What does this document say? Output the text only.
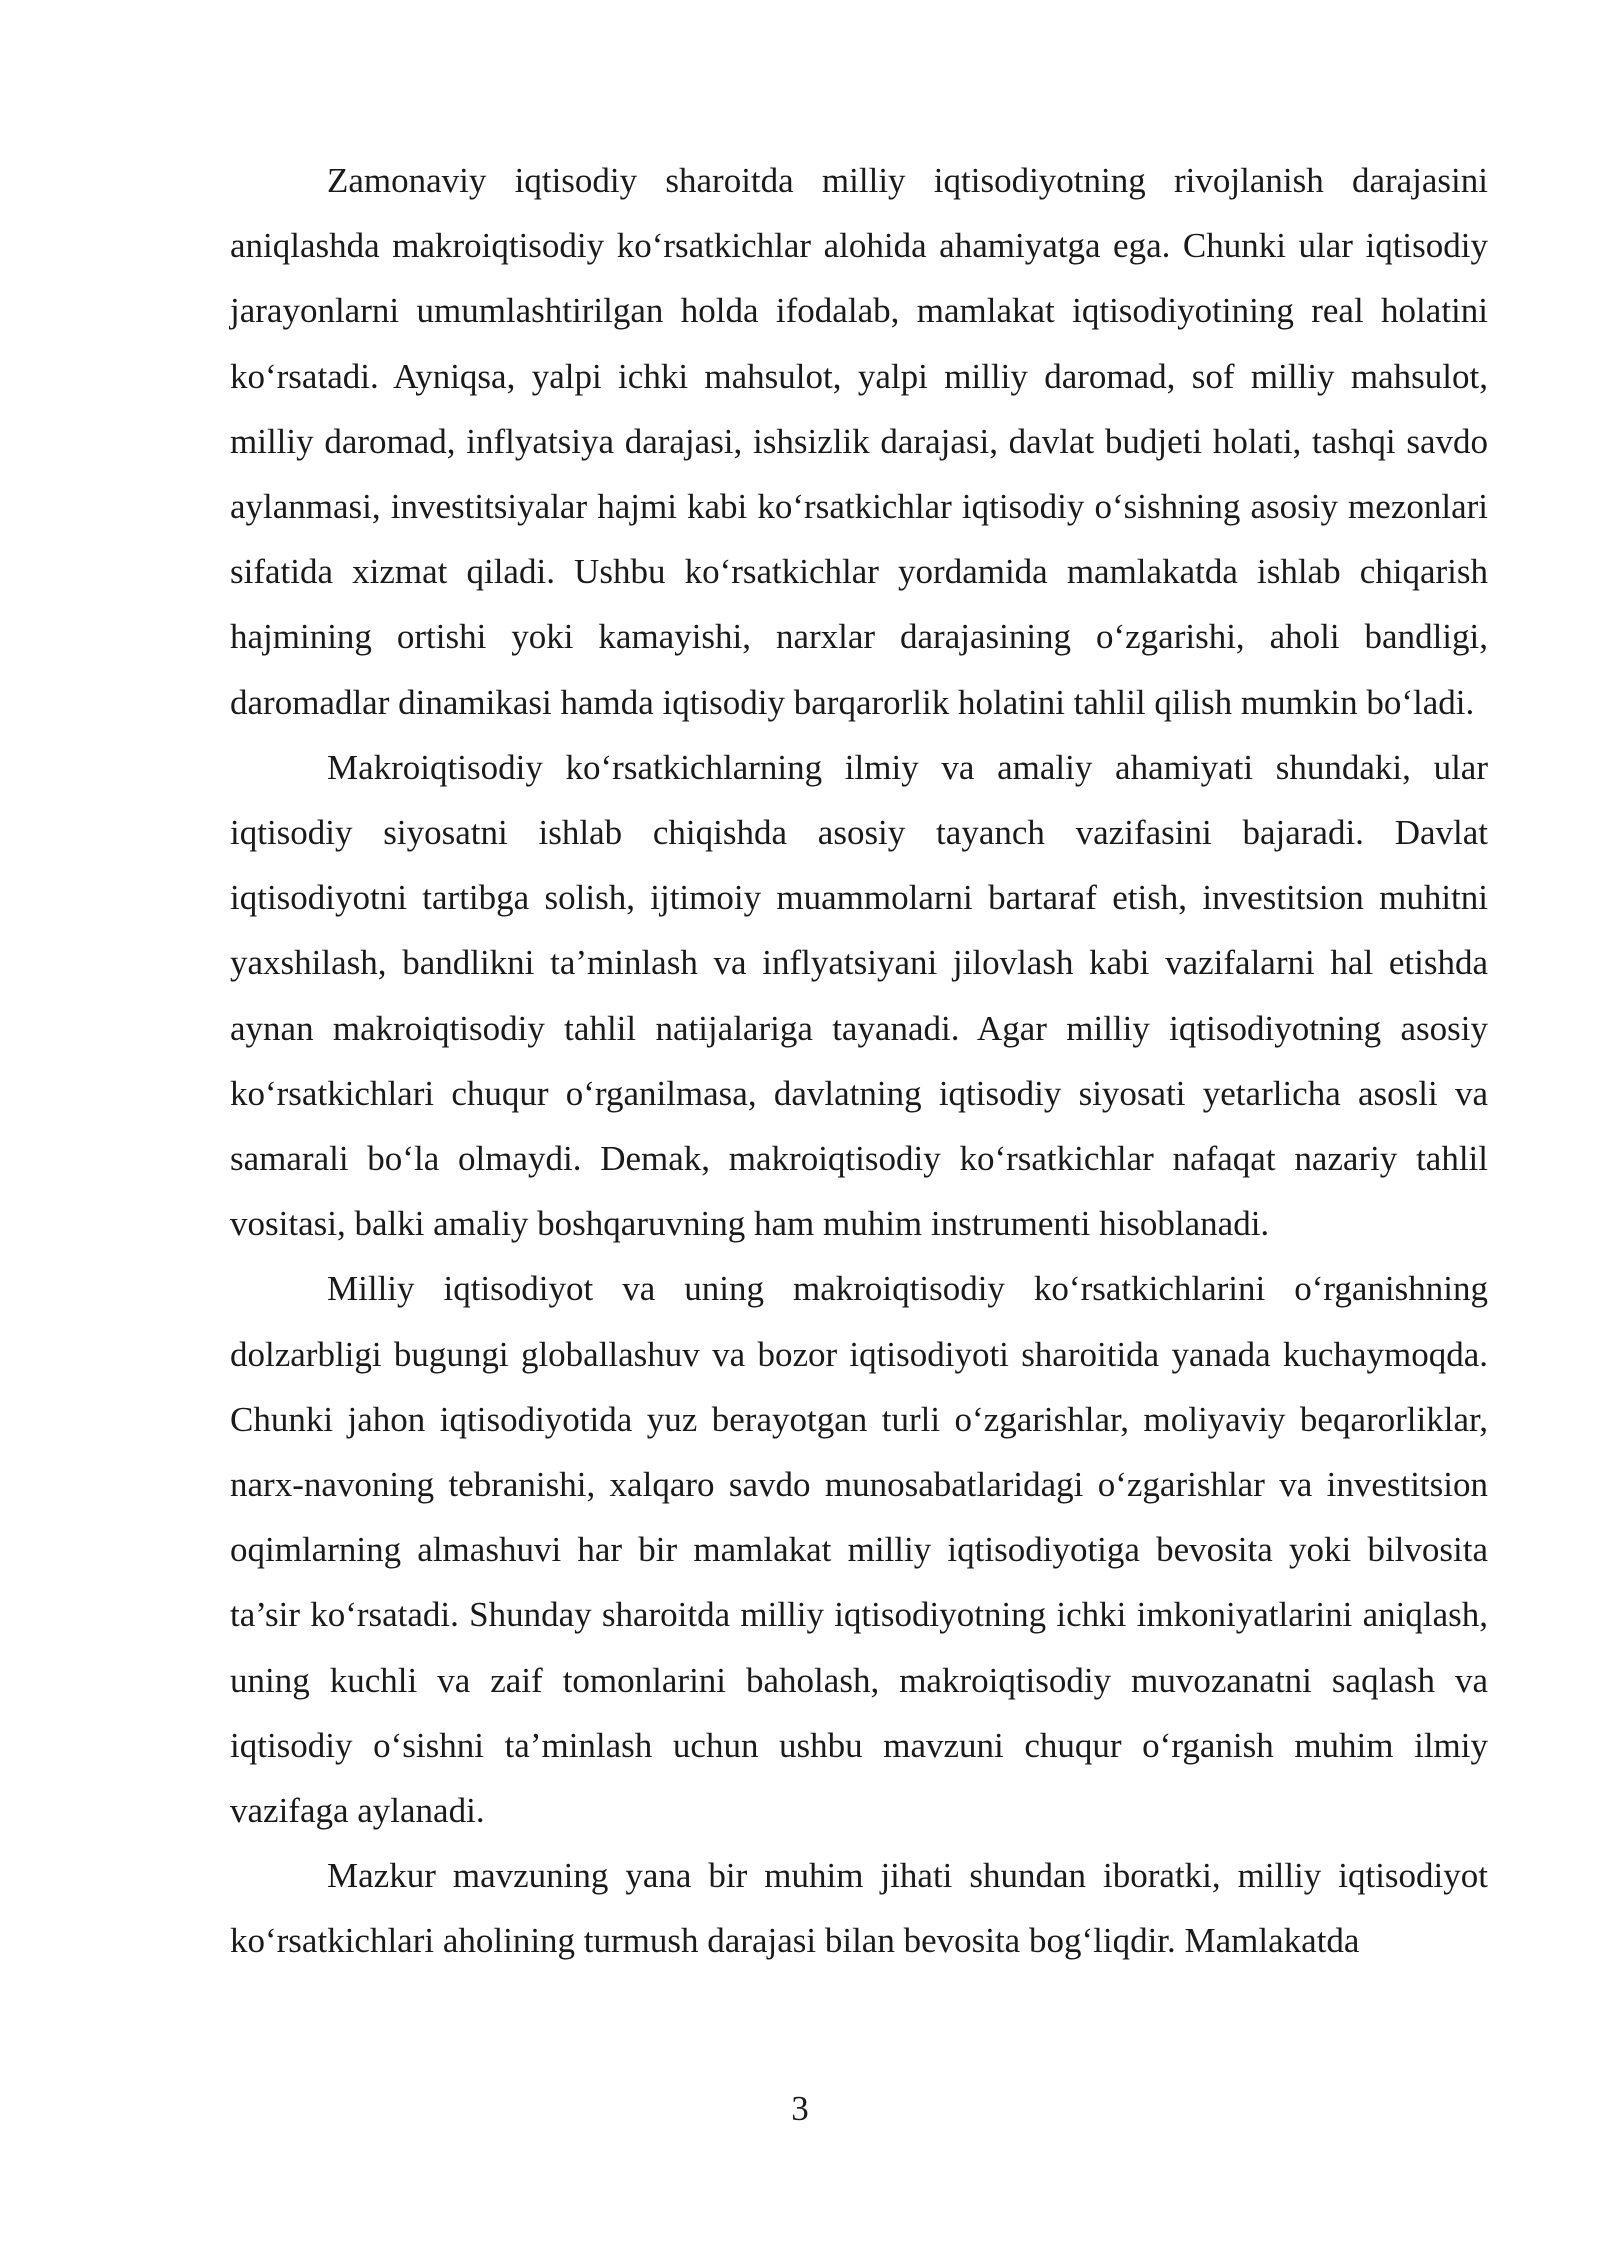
Zamonaviy iqtisodiy sharoitda milliy iqtisodiyotning rivojlanish darajasini aniqlashda makroiqtisodiy ko‘rsatkichlar alohida ahamiyatga ega. Chunki ular iqtisodiy jarayonlarni umumlashtirilgan holda ifodalab, mamlakat iqtisodiyotining real holatini ko‘rsatadi. Ayniqsa, yalpi ichki mahsulot, yalpi milliy daromad, sof milliy mahsulot, milliy daromad, inflyatsiya darajasi, ishsizlik darajasi, davlat budjeti holati, tashqi savdo aylanmasi, investitsiyalar hajmi kabi ko‘rsatkichlar iqtisodiy o‘sishning asosiy mezonlari sifatida xizmat qiladi. Ushbu ko‘rsatkichlar yordamida mamlakatda ishlab chiqarish hajmining ortishi yoki kamayishi, narxlar darajasining o‘zgarishi, aholi bandligi, daromadlar dinamikasi hamda iqtisodiy barqarorlik holatini tahlil qilish mumkin bo‘ladi.

Makroiqtisodiy ko‘rsatkichlarning ilmiy va amaliy ahamiyati shundaki, ular iqtisodiy siyosatni ishlab chiqishda asosiy tayanch vazifasini bajaradi. Davlat iqtisodiyotni tartibga solish, ijtimoiy muammolarni bartaraf etish, investitsion muhitni yaxshilash, bandlikni ta’minlash va inflyatsiyani jilovlash kabi vazifalarni hal etishda aynan makroiqtisodiy tahlil natijalariga tayanadi. Agar milliy iqtisodiyotning asosiy ko‘rsatkichlari chuqur o‘rganilmasa, davlatning iqtisodiy siyosati yetarlicha asosli va samarali bo‘la olmaydi. Demak, makroiqtisodiy ko‘rsatkichlar nafaqat nazariy tahlil vositasi, balki amaliy boshqaruvning ham muhim instrumenti hisoblanadi.

Milliy iqtisodiyot va uning makroiqtisodiy ko‘rsatkichlarini o‘rganishning dolzarbligi bugungi globallashuv va bozor iqtisodiyoti sharoitida yanada kuchaymoqda. Chunki jahon iqtisodiyotida yuz berayotgan turli o‘zgarishlar, moliyaviy beqarorliklar, narx-navoning tebranishi, xalqaro savdo munosabatlaridagi o‘zgarishlar va investitsion oqimlarning almashuvi har bir mamlakat milliy iqtisodiyotiga bevosita yoki bilvosita ta’sir ko‘rsatadi. Shunday sharoitda milliy iqtisodiyotning ichki imkoniyatlarini aniqlash, uning kuchli va zaif tomonlarini baholash, makroiqtisodiy muvozanatni saqlash va iqtisodiy o‘sishni ta’minlash uchun ushbu mavzuni chuqur o‘rganish muhim ilmiy vazifaga aylanadi.

Mazkur mavzuning yana bir muhim jihati shundan iboratki, milliy iqtisodiyot ko‘rsatkichlari aholining turmush darajasi bilan bevosita bog‘liqdir. Mamlakatda

3
